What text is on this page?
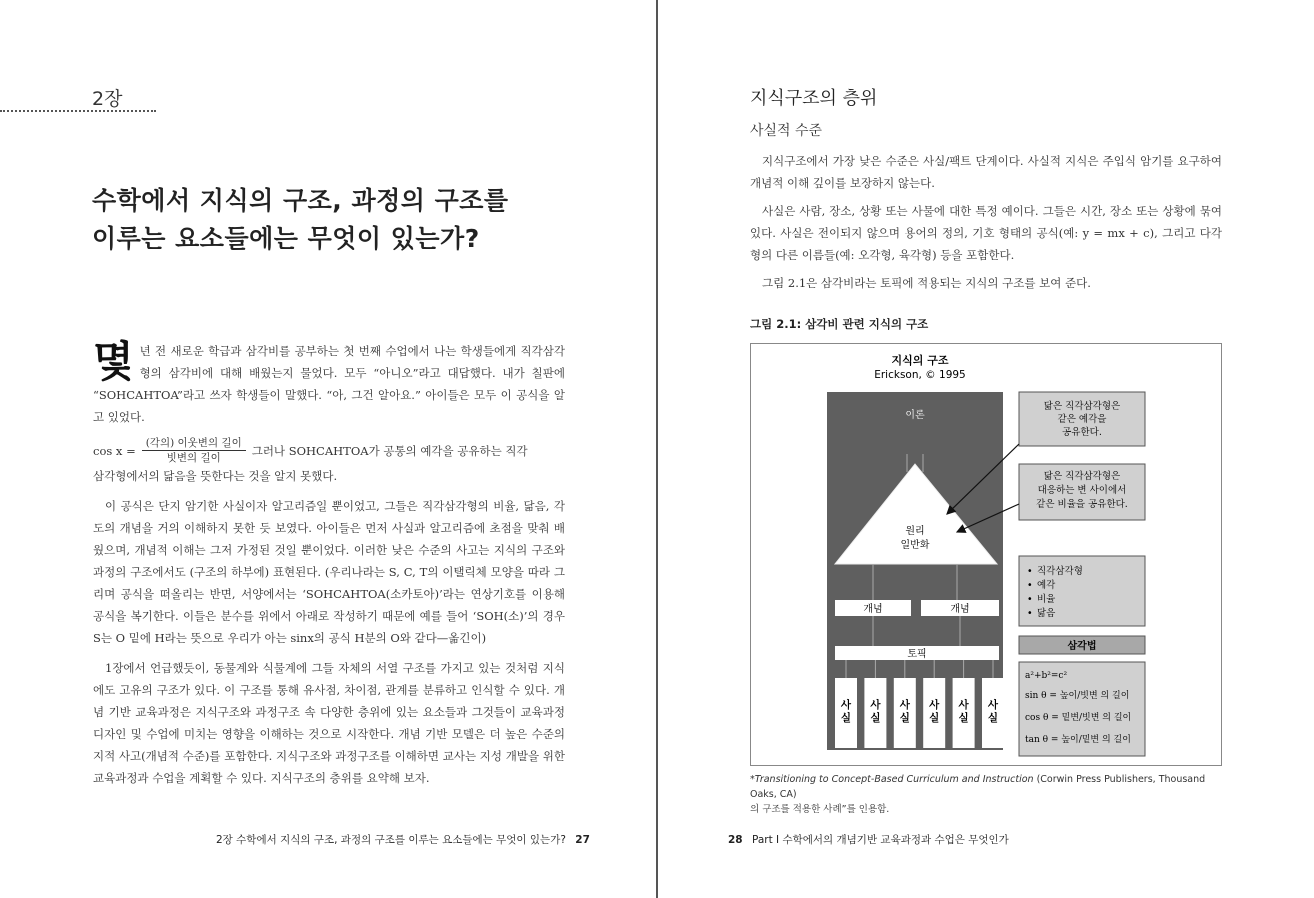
2장
수학에서 지식의 구조, 과정의 구조를
이루는 요소들에는 무엇이 있는가?

몇 년 전 새로운 학급과 삼각비를 공부하는 첫 번째 수업에서 나는 학생들에게 직각삼각형의 삼각비에 대해 배웠는지 물었다. 모두 “아니오”라고 대답했다. 내가 칠판에 “SOHCAHTOA”라고 쓰자 학생들이 말했다. “아, 그건 알아요.” 아이들은 모두 이 공식을 알고 있었다.

$\cos x = \frac{\text{(각의) 이웃변의 길이}}{\text{빗변의 길이}}$ 그러나 SOHCAHTOA가 공통의 예각을 공유하는 직각

삼각형에서의 닮음을 뜻한다는 것을 알지 못했다.

이 공식은 단지 암기한 사실이자 알고리즘일 뿐이었고, 그들은 직각삼각형의 비율, 닮음, 각도의 개념을 거의 이해하지 못한 듯 보였다. 아이들은 먼저 사실과 알고리즘에 초점을 맞춰 배웠으며, 개념적 이해는 그저 가정된 것일 뿐이었다. 이러한 낮은 수준의 사고는 지식의 구조와 과정의 구조에서도 (구조의 하부에) 표현된다. (우리나라는 S, C, T의 이탤릭체 모양을 따라 그리며 공식을 떠올리는 반면, 서양에서는 ‘SOHCAHTOA(소카토아)’라는 연상기호를 이용해 공식을 복기한다. 이들은 분수를 위에서 아래로 작성하기 때문에 예를 들어 ‘SOH(소)’의 경우 S는 O 밑에 H라는 뜻으로 우리가 아는 sinx의 공식 H분의 O와 같다—옮긴이)

1장에서 언급했듯이, 동물계와 식물계에 그들 자체의 서열 구조를 가지고 있는 것처럼 지식에도 고유의 구조가 있다. 이 구조를 통해 유사점, 차이점, 관계를 분류하고 인식할 수 있다. 개념 기반 교육과정은 지식구조와 과정구조 속 다양한 층위에 있는 요소들과 그것들이 교육과정 디자인 및 수업에 미치는 영향을 이해하는 것으로 시작한다. 개념 기반 모델은 더 높은 수준의 지적 사고(개념적 수준)를 포함한다. 지식구조와 과정구조를 이해하면 교사는 지성 개발을 위한 교육과정과 수업을 계획할 수 있다. 지식구조의 층위를 요약해 보자.

2장 수학에서 지식의 구조, 과정의 구조를 이루는 요소들에는 무엇이 있는가? 27
지식구조의 층위
사실적 수준

지식구조에서 가장 낮은 수준은 사실/팩트 단계이다. 사실적 지식은 주입식 암기를 요구하여 개념적 이해 깊이를 보장하지 않는다.

사실은 사람, 장소, 상황 또는 사물에 대한 특정 예이다. 그들은 시간, 장소 또는 상황에 묶여 있다. 사실은 전이되지 않으며 용어의 정의, 기호 형태의 공식(예: y = mx + c), 그리고 다각형의 다른 이름들(예: 오각형, 육각형) 등을 포함한다.

그림 2.1은 삼각비라는 토픽에 적용되는 지식의 구조를 보여 준다.

그림 2.1: 삼각비 관련 지식의 구조
지식의 구조
Erickson, © 1995
이론
원리
일반화
개념	개념
토픽
사
실
사
실
사
실
사
실
사
실
사
실
닮은 직각삼각형은
같은 예각을
공유한다.
닮은 직각삼각형은
대응하는 변 사이에서
같은 비율을 공유한다.
• 직각삼각형
• 예각
• 비율
• 닮음
삼각법
a²+b²=c²
sin θ = 높이/빗변 의 길이
cos θ = 밑변/빗변 의 길이
tan θ = 높이/밑변 의 길이
*Transitioning to Concept-Based Curriculum and Instruction (Corwin Press Publishers, Thousand Oaks, CA)
의 구조를 적용한 사례”를 인용함.
28 Part Ⅰ 수학에서의 개념기반 교육과정과 수업은 무엇인가
